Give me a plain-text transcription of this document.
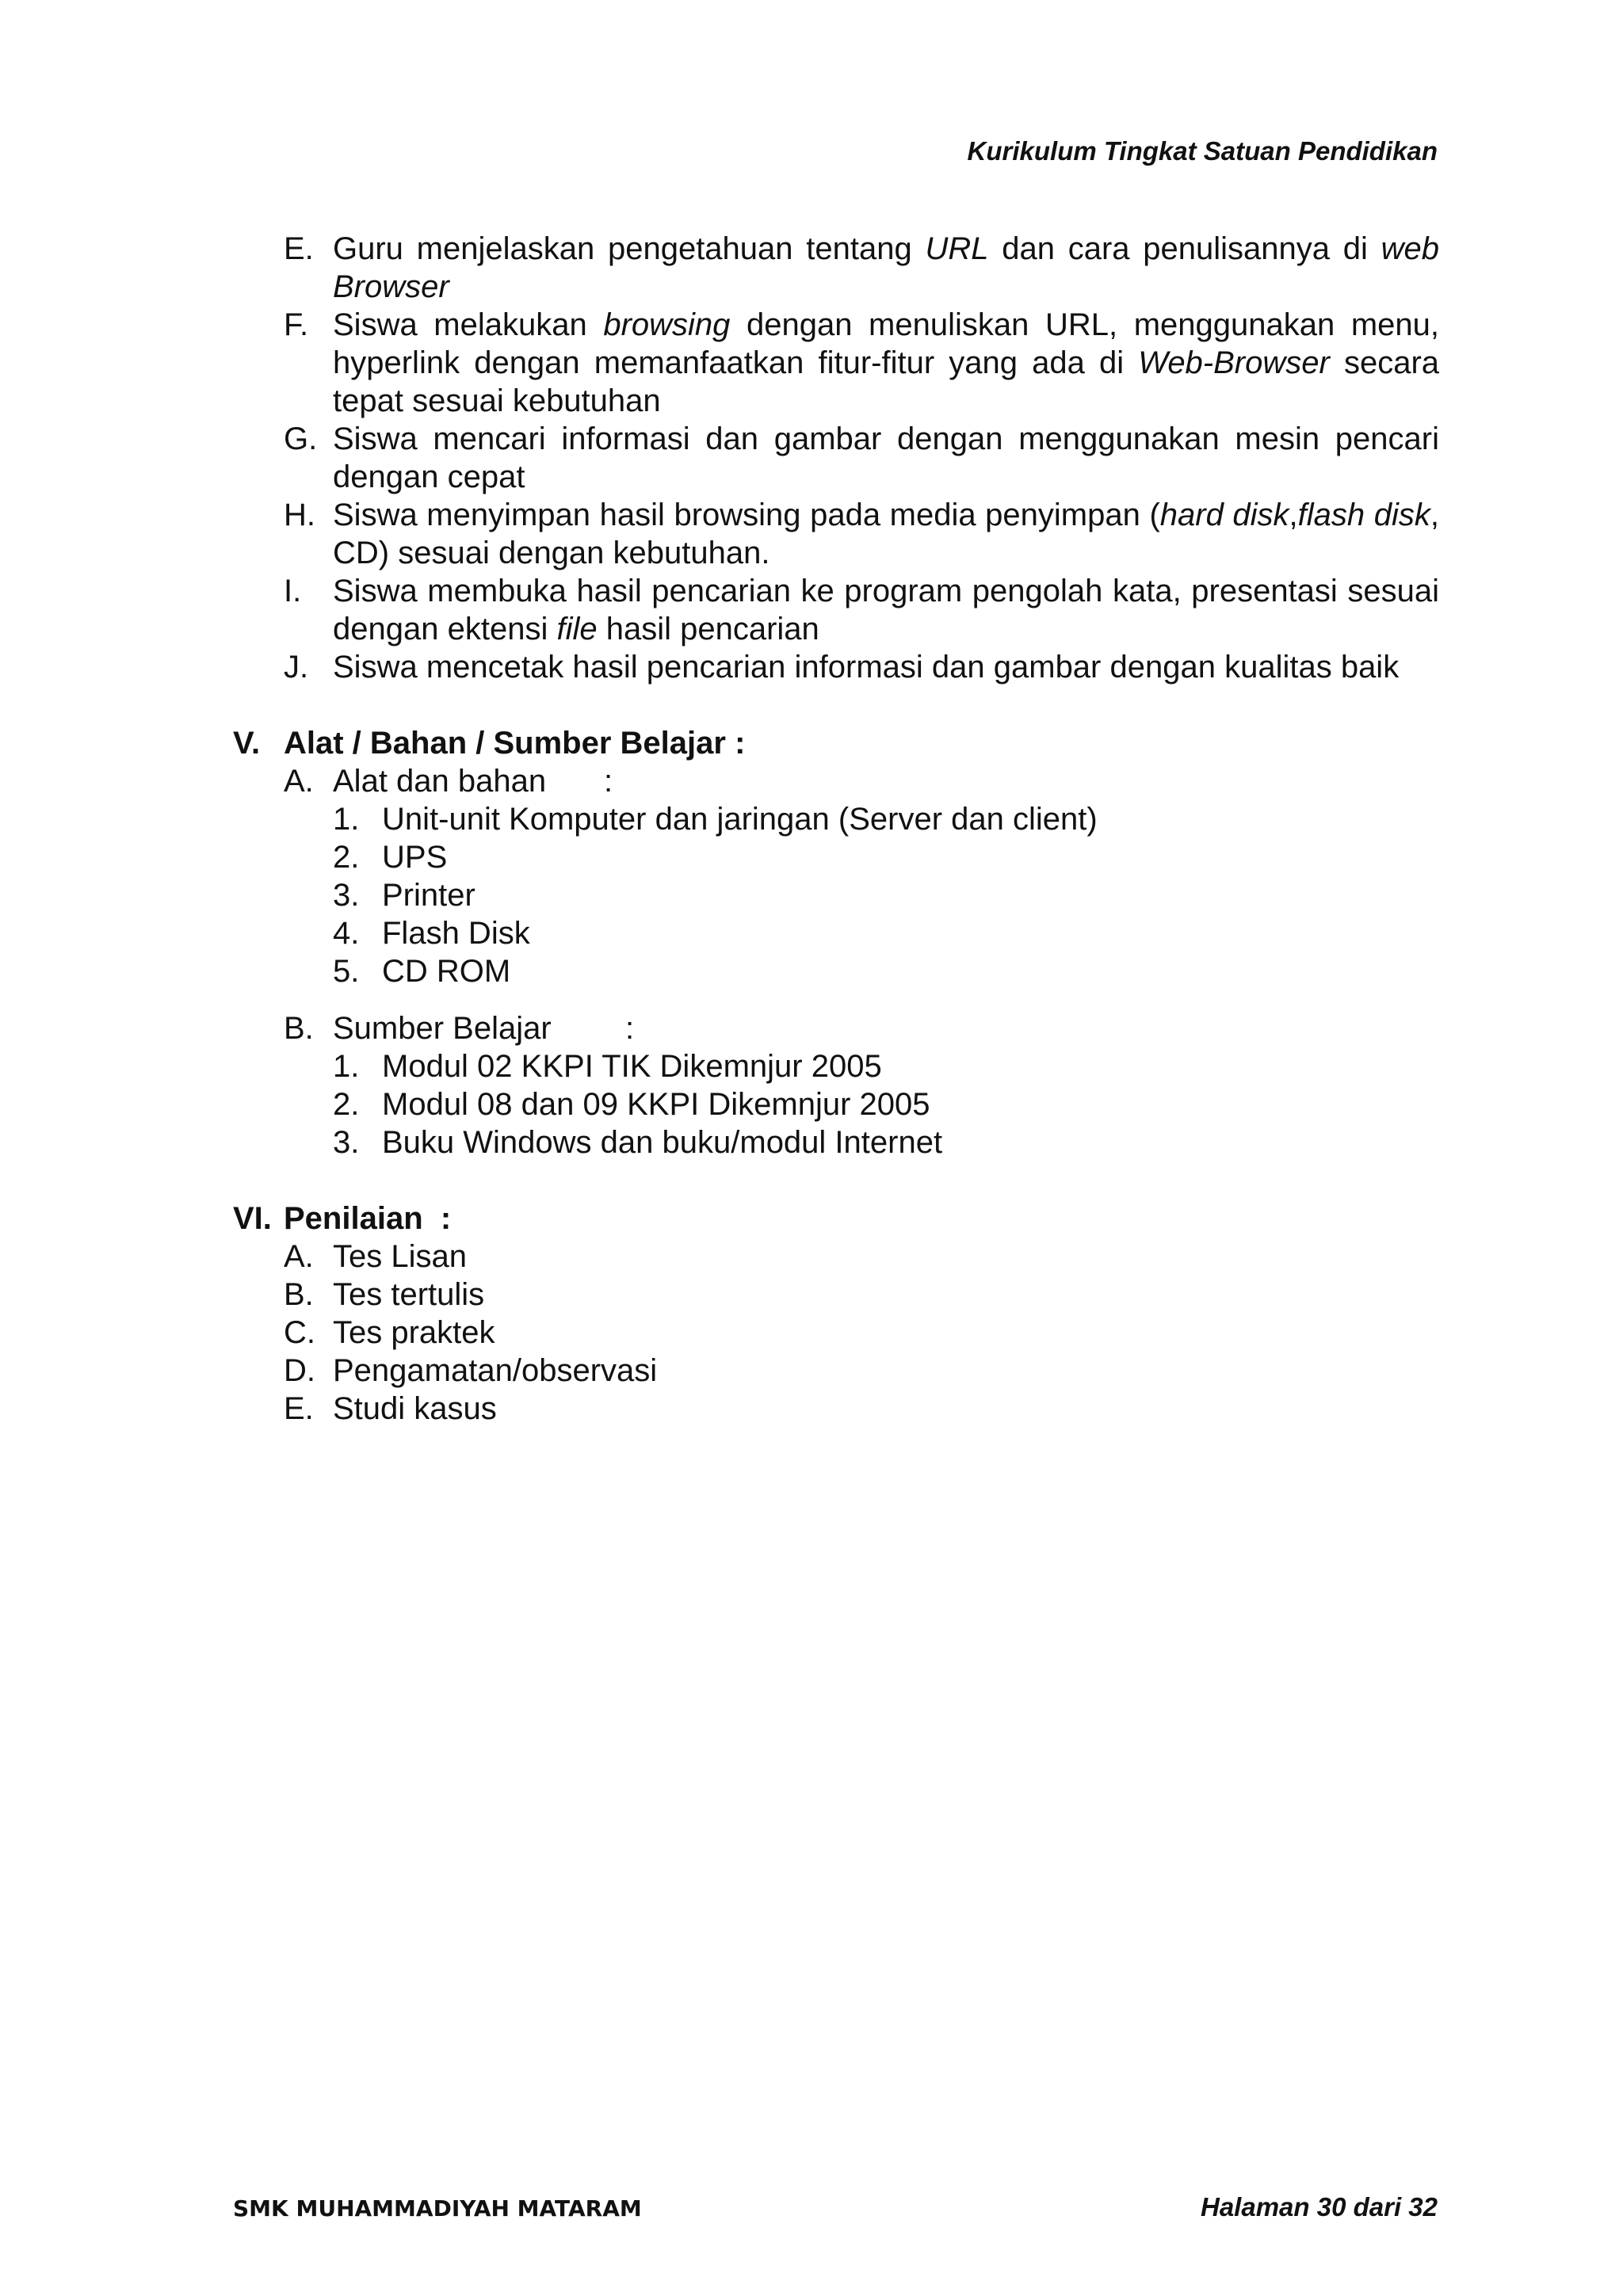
Kurikulum Tingkat Satuan Pendidikan
E. Guru menjelaskan pengetahuan tentang URL dan cara penulisannya di web Browser
F. Siswa melakukan browsing dengan menuliskan URL, menggunakan menu, hyperlink dengan memanfaatkan fitur-fitur yang ada di Web-Browser secara tepat sesuai kebutuhan
G. Siswa mencari informasi dan gambar dengan menggunakan mesin pencari dengan cepat
H. Siswa menyimpan hasil browsing pada media penyimpan (hard disk,flash disk, CD) sesuai dengan kebutuhan.
I. Siswa membuka hasil pencarian ke program pengolah kata, presentasi sesuai dengan ektensi file hasil pencarian
J. Siswa mencetak hasil pencarian informasi dan gambar dengan kualitas baik
V. Alat / Bahan / Sumber Belajar :
A. Alat dan bahan :
1. Unit-unit Komputer dan jaringan (Server dan client)
2. UPS
3. Printer
4. Flash Disk
5. CD ROM
B. Sumber Belajar :
1. Modul 02 KKPI TIK Dikemnjur 2005
2. Modul 08 dan 09 KKPI Dikemnjur 2005
3. Buku Windows dan buku/modul Internet
VI. Penilaian  :
A. Tes Lisan
B. Tes tertulis
C. Tes praktek
D. Pengamatan/observasi
E. Studi kasus
SMK MUHAMMADIYAH MATARAM	Halaman 30 dari 32
